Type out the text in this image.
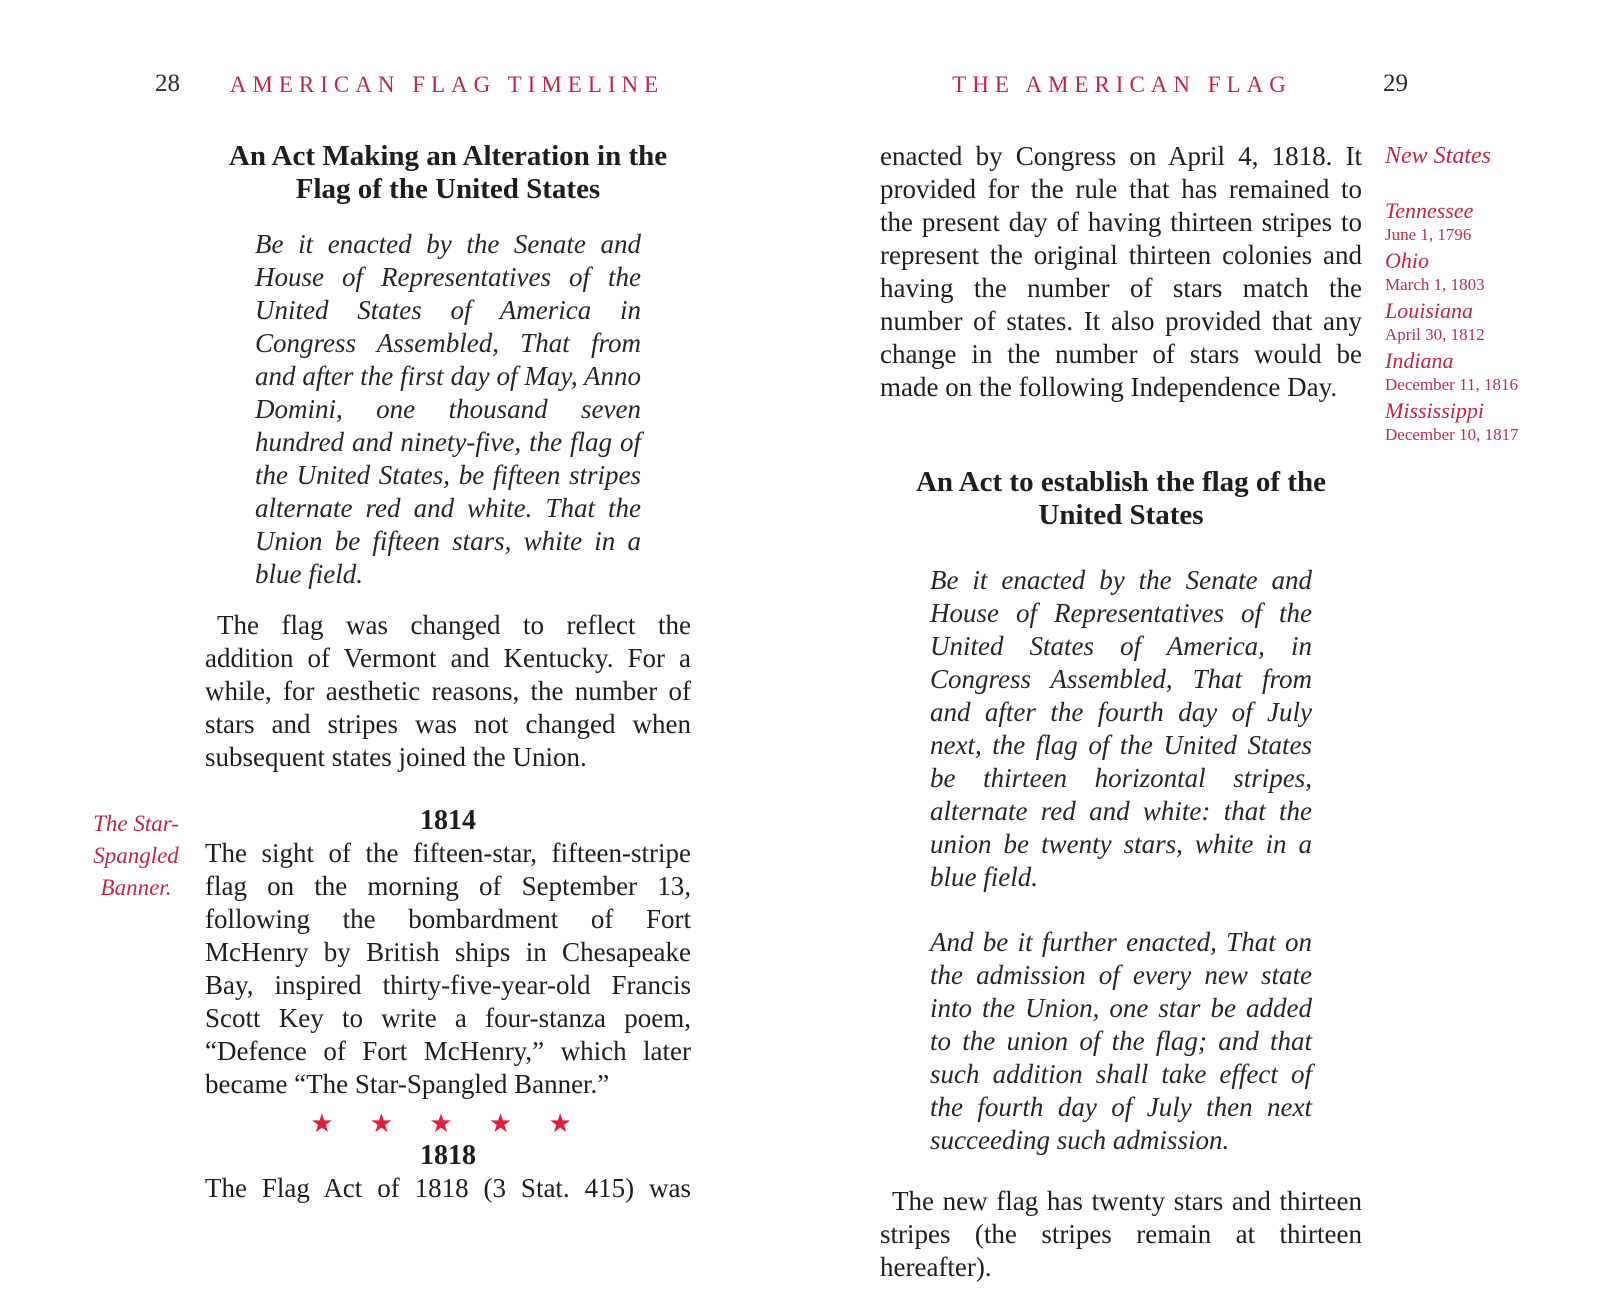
28 AMERICAN FLAG TIMELINE	THE AMERICAN FLAG	29
An Act Making an Alteration in the Flag of the United States
Be it enacted by the Senate and House of Representatives of the United States of America in Congress Assembled, That from and after the first day of May, Anno Domini, one thousand seven hundred and ninety-five, the flag of the United States, be fifteen stripes alternate red and white. That the Union be fifteen stars, white in a blue field.
The flag was changed to reflect the addition of Vermont and Kentucky. For a while, for aesthetic reasons, the number of stars and stripes was not changed when subsequent states joined the Union.
1814
The sight of the fifteen-star, fifteen-stripe flag on the morning of September 13, following the bombardment of Fort McHenry by British ships in Chesapeake Bay, inspired thirty-five-year-old Francis Scott Key to write a four-stanza poem, “Defence of Fort McHenry,” which later became “The Star-Spangled Banner.”
★ ★ ★ ★ ★
1818
The Flag Act of 1818 (3 Stat. 415) was
The Star-Spangled Banner.
enacted by Congress on April 4, 1818. It provided for the rule that has remained to the present day of having thirteen stripes to represent the original thirteen colonies and having the number of stars match the number of states. It also provided that any change in the number of stars would be made on the following Independence Day.
An Act to establish the flag of the United States
Be it enacted by the Senate and House of Representatives of the United States of America, in Congress Assembled, That from and after the fourth day of July next, the flag of the United States be thirteen horizontal stripes, alternate red and white: that the union be twenty stars, white in a blue field.
And be it further enacted, That on the admission of every new state into the Union, one star be added to the union of the flag; and that such addition shall take effect of the fourth day of July then next succeeding such admission.
The new flag has twenty stars and thirteen stripes (the stripes remain at thirteen hereafter).
New States
Tennessee
June 1, 1796
Ohio
March 1, 1803
Louisiana
April 30, 1812
Indiana
December 11, 1816
Mississippi
December 10, 1817
